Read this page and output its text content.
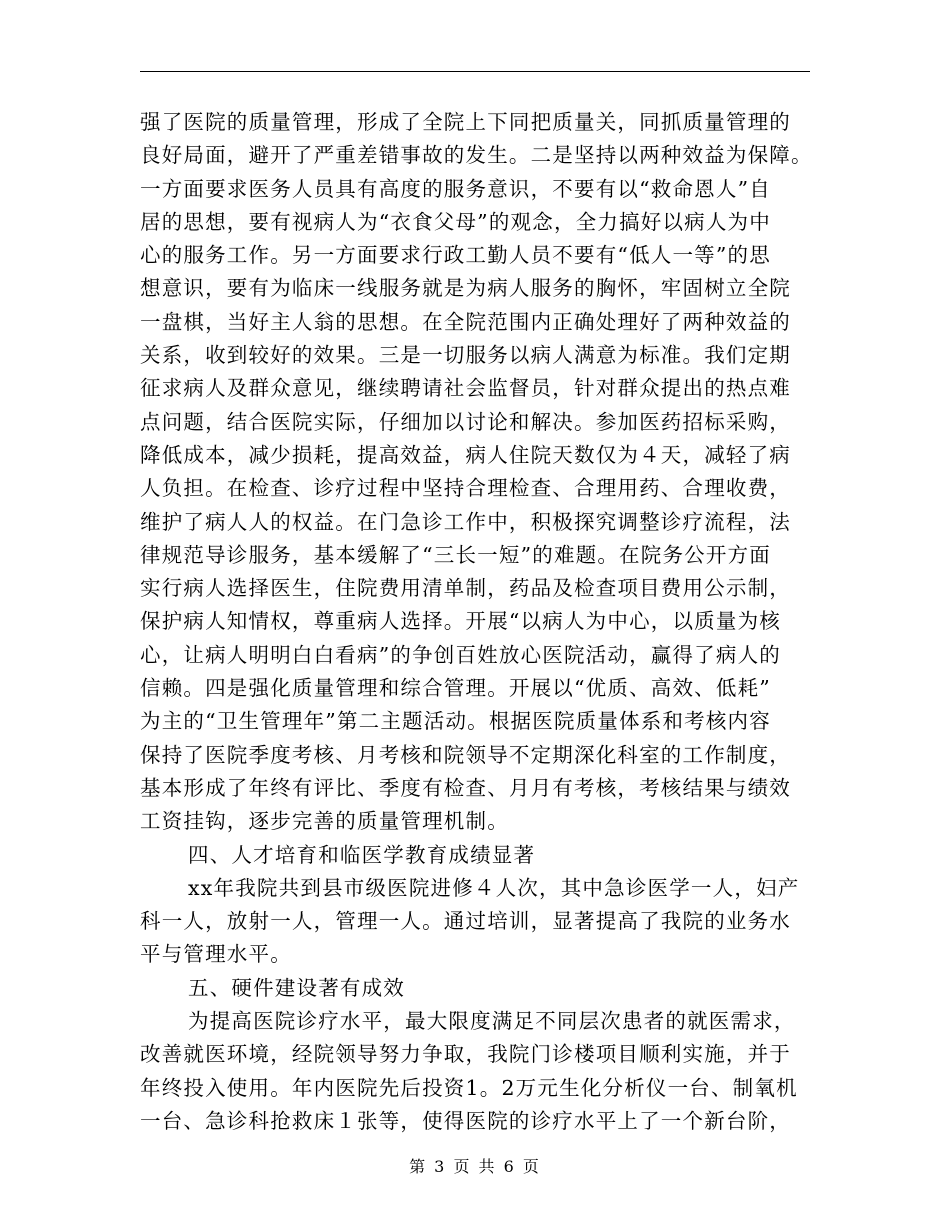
强了医院的质量管理，形成了全院上下同把质量关，同抓质量管理的
良好局面，避开了严重差错事故的发生。二是坚持以两种效益为保障。
一方面要求医务人员具有高度的服务意识，不要有以“救命恩人”自
居的思想，要有视病人为“衣食父母”的观念，全力搞好以病人为中
心的服务工作。另一方面要求行政工勤人员不要有“低人一等”的思
想意识，要有为临床一线服务就是为病人服务的胸怀，牢固树立全院
一盘棋，当好主人翁的思想。在全院范围内正确处理好了两种效益的
关系，收到较好的效果。三是一切服务以病人满意为标准。我们定期
征求病人及群众意见，继续聘请社会监督员，针对群众提出的热点难
点问题，结合医院实际，仔细加以讨论和解决。参加医药招标采购，
降低成本，减少损耗，提高效益，病人住院天数仅为４天，减轻了病
人负担。在检查、诊疗过程中坚持合理检查、合理用药、合理收费，
维护了病人人的权益。在门急诊工作中，积极探究调整诊疗流程，法
律规范导诊服务，基本缓解了“三长一短”的难题。在院务公开方面
实行病人选择医生，住院费用清单制，药品及检查项目费用公示制，
保护病人知情权，尊重病人选择。开展“以病人为中心，以质量为核
心，让病人明明白白看病”的争创百姓放心医院活动，赢得了病人的
信赖。四是强化质量管理和综合管理。开展以“优质、高效、低耗”
为主的“卫生管理年”第二主题活动。根据医院质量体系和考核内容
保持了医院季度考核、月考核和院领导不定期深化科室的工作制度，
基本形成了年终有评比、季度有检查、月月有考核，考核结果与绩效
工资挂钩，逐步完善的质量管理机制。
四、人才培育和临医学教育成绩显著
xx年我院共到县市级医院进修４人次，其中急诊医学一人，妇产
科一人，放射一人，管理一人。通过培训，显著提高了我院的业务水
平与管理水平。
五、硬件建设著有成效
为提高医院诊疗水平，最大限度满足不同层次患者的就医需求，
改善就医环境，经院领导努力争取，我院门诊楼项目顺利实施，并于
年终投入使用。年内医院先后投资1。2万元生化分析仪一台、制氧机
一台、急诊科抢救床１张等，使得医院的诊疗水平上了一个新台阶，
第 3 页 共 6 页
